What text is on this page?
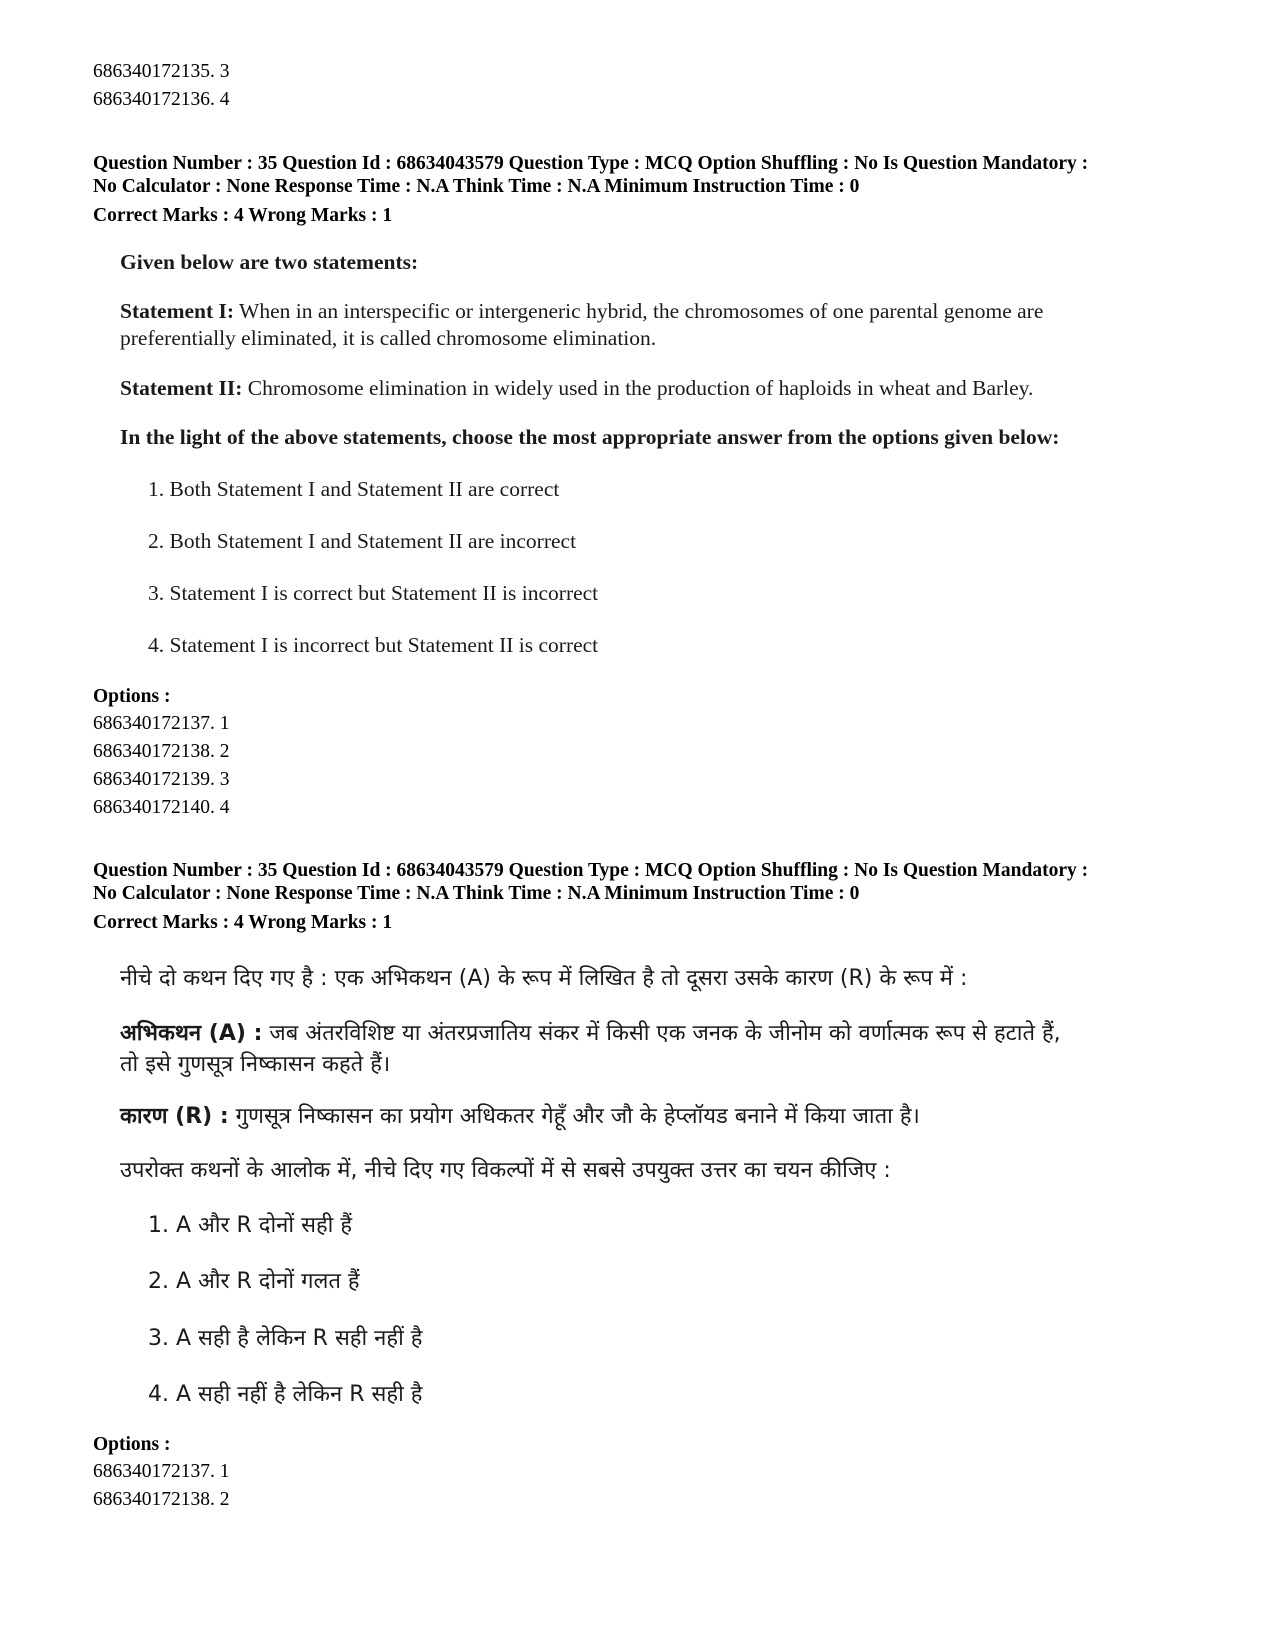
686340172135. 3
686340172136. 4
Question Number : 35 Question Id : 68634043579 Question Type : MCQ Option Shuffling : No Is Question Mandatory :
No Calculator : None Response Time : N.A Think Time : N.A Minimum Instruction Time : 0
Correct Marks : 4 Wrong Marks : 1
Given below are two statements:
Statement I: When in an interspecific or intergeneric hybrid, the chromosomes of one parental genome are
preferentially eliminated, it is called chromosome elimination.
Statement II: Chromosome elimination in widely used in the production of haploids in wheat and Barley.
In the light of the above statements, choose the most appropriate answer from the options given below:
1. Both Statement I and Statement II are correct
2. Both Statement I and Statement II are incorrect
3. Statement I is correct but Statement II is incorrect
4. Statement I is incorrect but Statement II is correct
Options :
686340172137. 1
686340172138. 2
686340172139. 3
686340172140. 4
Question Number : 35 Question Id : 68634043579 Question Type : MCQ Option Shuffling : No Is Question Mandatory :
No Calculator : None Response Time : N.A Think Time : N.A Minimum Instruction Time : 0
Correct Marks : 4 Wrong Marks : 1
नीचे दो कथन दिए गए है : एक अभिकथन (A) के रूप में लिखित है तो दूसरा उसके कारण (R) के रूप में :
अभिकथन (A) : जब अंतरविशिष्ट या अंतरप्रजातिय संकर में किसी एक जनक के जीनोम को वर्णात्मक रूप से हटाते हैं,
तो इसे गुणसूत्र निष्कासन कहते हैं।
कारण (R) : गुणसूत्र निष्कासन का प्रयोग अधिकतर गेहूँ और जौ के हेप्लॉयड बनाने में किया जाता है।
उपरोक्त कथनों के आलोक में, नीचे दिए गए विकल्पों में से सबसे उपयुक्त उत्तर का चयन कीजिए :
1. A और R दोनों सही हैं
2. A और R दोनों गलत हैं
3. A सही है लेकिन R सही नहीं है
4. A सही नहीं है लेकिन R सही है
Options :
686340172137. 1
686340172138. 2
